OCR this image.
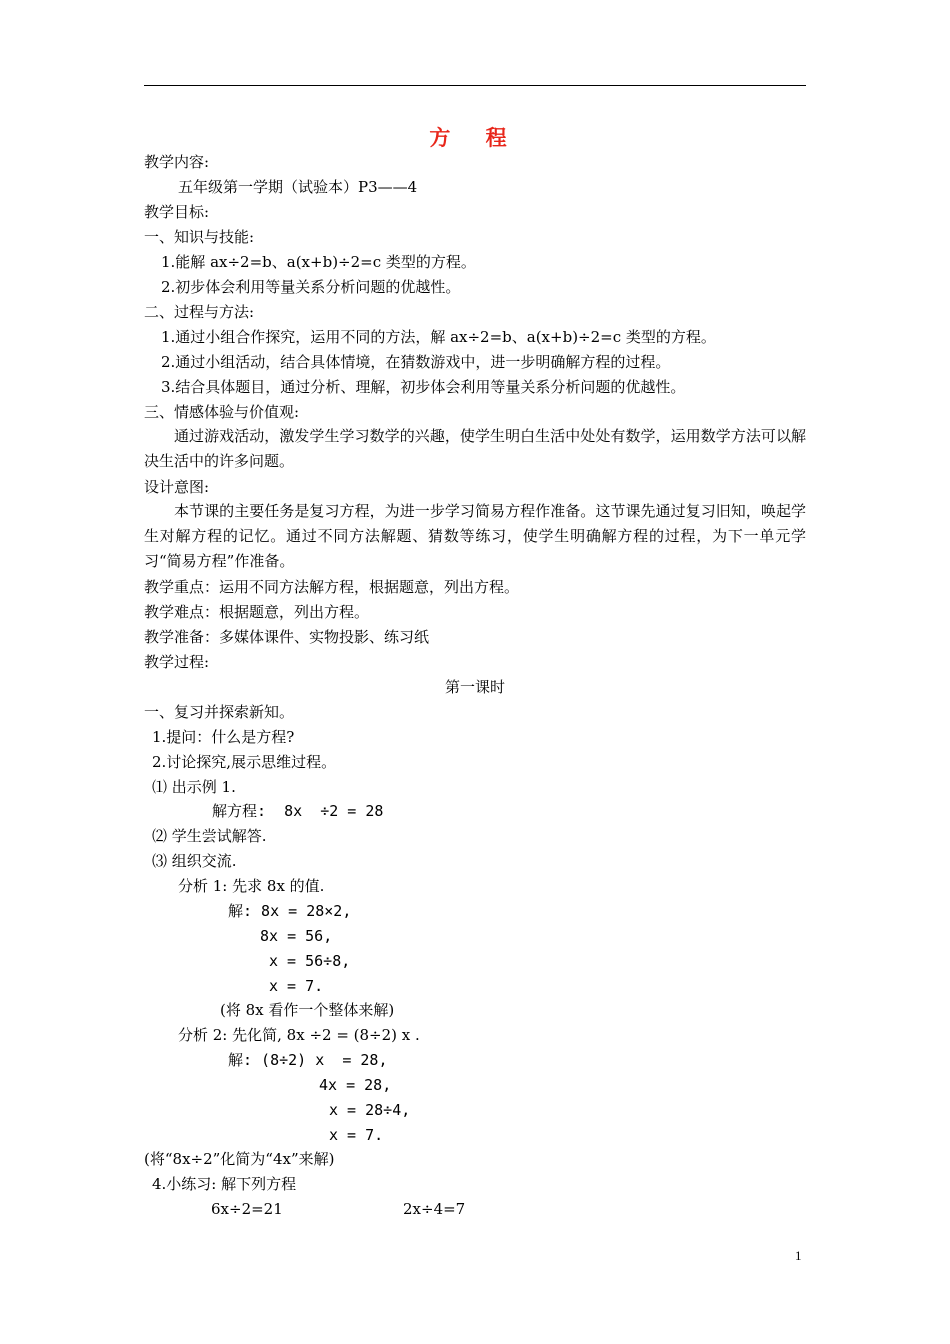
方 程
教学内容:
五年级第一学期（试验本）P3——4
教学目标:
一、知识与技能:
1.能解 ax÷2=b、a(x+b)÷2=c 类型的方程。
2.初步体会利用等量关系分析问题的优越性。
二、过程与方法:
1.通过小组合作探究，运用不同的方法，解 ax÷2=b、a(x+b)÷2=c 类型的方程。
2.通过小组活动，结合具体情境，在猜数游戏中，进一步明确解方程的过程。
3.结合具体题目，通过分析、理解，初步体会利用等量关系分析问题的优越性。
三、情感体验与价值观:
通过游戏活动，激发学生学习数学的兴趣，使学生明白生活中处处有数学，运用数学方法可以解决生活中的许多问题。
设计意图:
本节课的主要任务是复习方程，为进一步学习简易方程作准备。这节课先通过复习旧知，唤起学生对解方程的记忆。通过不同方法解题、猜数等练习，使学生明确解方程的过程，为下一单元学习“简易方程”作准备。
教学重点：运用不同方法解方程，根据题意，列出方程。
教学难点：根据题意，列出方程。
教学准备：多媒体课件、实物投影、练习纸
教学过程:
第一课时
一、复习并探索新知。
1.提问：什么是方程?
2.讨论探究,展示思维过程。
⑴ 出示例 1.
解方程:  8x  ÷2 = 28
⑵ 学生尝试解答.
⑶ 组织交流.
分析 1: 先求 8x 的值.
解: 8x = 28×2,
8x = 56,
x = 56÷8,
x = 7.
(将 8x 看作一个整体来解)
分析 2: 先化简, 8x ÷2 = (8÷2) x .
解: (8÷2) x  = 28,
4x = 28,
x = 28÷4,
x = 7.
(将“8x÷2”化简为“4x”来解)
4.小练习: 解下列方程
6x÷2=21	2x÷4=7
1
